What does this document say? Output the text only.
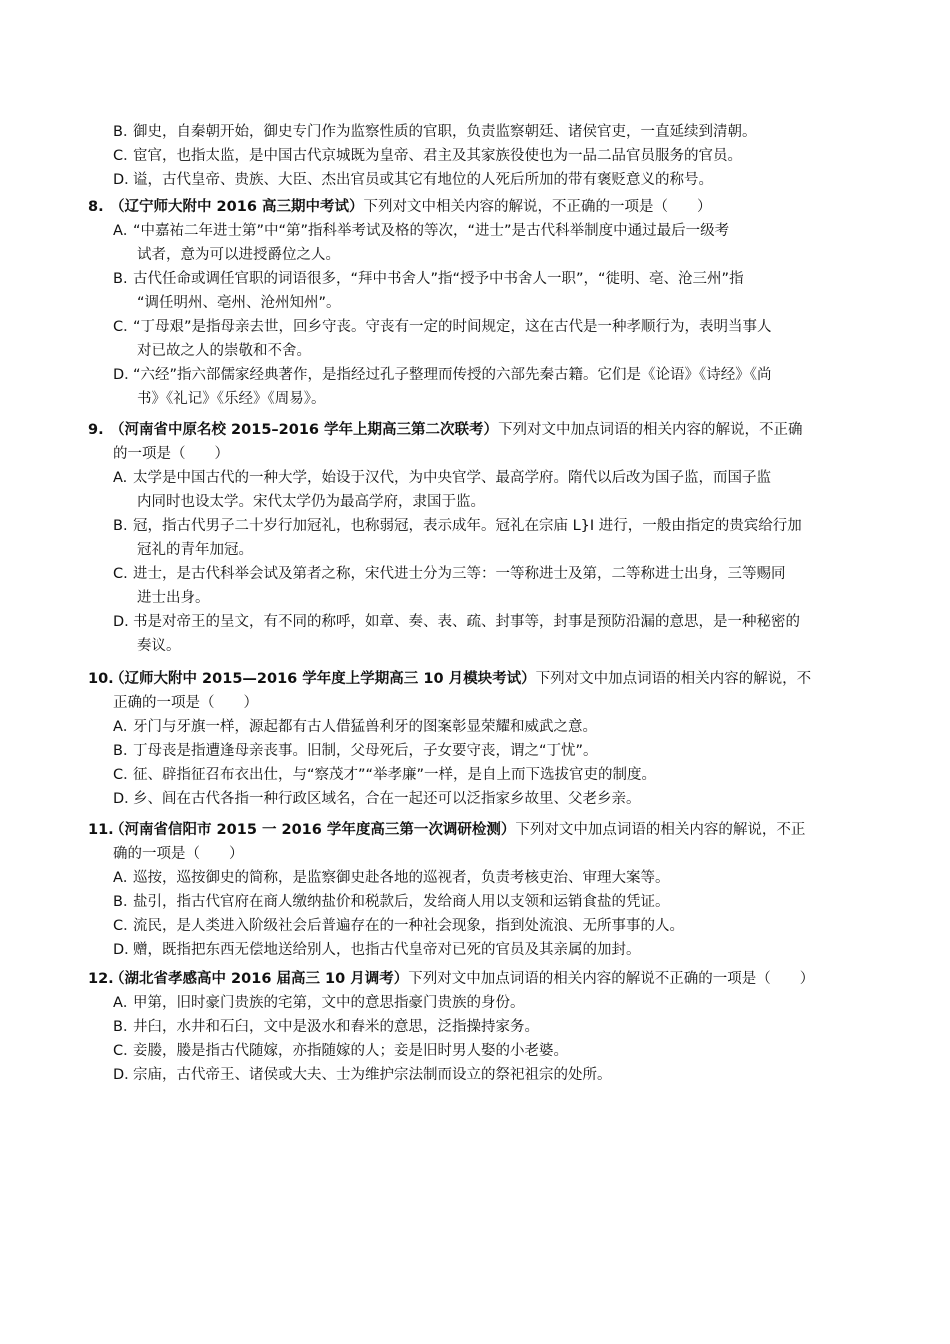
B．御史，自秦朝开始，御史专门作为监察性质的官职，负责监察朝廷、诸侯官吏，一直延续到清朝。
C．宦官，也指太监，是中国古代京城既为皇帝、君主及其家族役使也为一品二品官员服务的官员。
D．谥，古代皇帝、贵族、大臣、杰出官员或其它有地位的人死后所加的带有褒贬意义的称号。
8. （辽宁师大附中 2016 高三期中考试）下列对文中相关内容的解说，不正确的一项是（　　）
A．“中嘉祐二年进士第”中“第”指科举考试及格的等次，“进士”是古代科举制度中通过最后一级考
试者，意为可以进授爵位之人。
B.古代任命或调任官职的词语很多，“拜中书舍人”指“授予中书舍人一职”，“徙明、亳、沧三州”指
“调任明州、亳州、沧州知州”。
C．“丁母艰”是指母亲去世，回乡守丧。守丧有一定的时间规定，这在古代是一种孝顺行为，表明当事人
对已故之人的崇敬和不舍。
D．“六经”指六部儒家经典著作，是指经过孔子整理而传授的六部先秦古籍。它们是《论语》《诗经》《尚
书》《礼记》《乐经》《周易》。
9. （河南省中原名校 2015–2016 学年上期高三第二次联考）下列对文中加点词语的相关内容的解说，不正确
的一项是（　　）
A.太学是中国古代的一种大学，始设于汉代，为中央官学、最高学府。隋代以后改为国子监，而国子监
内同时也设太学。宋代太学仍为最高学府，隶国于监。
B.冠，指古代男子二十岁行加冠礼，也称弱冠，表示成年。冠礼在宗庙 L}I 进行，一般由指定的贵宾给行加
冠礼的青年加冠。
C.进士，是古代科举会试及第者之称，宋代进士分为三等：一等称进士及第，二等称进士出身，三等赐同
进士出身。
D.书是对帝王的呈文，有不同的称呼，如章、奏、表、疏、封事等，封事是预防沿漏的意思，是一种秘密的
奏议。
10.（辽师大附中 2015—2016 学年度上学期高三 10 月模块考试）下列对文中加点词语的相关内容的解说，不
正确的一项是（　　）
A．牙门与牙旗一样，源起都有古人借猛兽利牙的图案彰显荣耀和威武之意。
B．丁母丧是指遭逢母亲丧事。旧制，父母死后，子女要守丧，谓之“丁忧”。
C．征、辟指征召布衣出仕，与“察茂才”“举孝廉”一样，是自上而下选拔官吏的制度。
D．乡、闾在古代各指一种行政区域名，合在一起还可以泛指家乡故里、父老乡亲。
11.（河南省信阳市 2015 一 2016 学年度高三第一次调研检测）下列对文中加点词语的相关内容的解说，不正
确的一项是（　　）
A．巡按，巡按御史的简称，是监察御史赴各地的巡视者，负责考核吏治、审理大案等。
B．盐引，指古代官府在商人缴纳盐价和税款后，发给商人用以支领和运销食盐的凭证。
C．流民，是人类进入阶级社会后普遍存在的一种社会现象，指到处流浪、无所事事的人。
D．赠，既指把东西无偿地送给别人，也指古代皇帝对已死的官员及其亲属的加封。
12.（湖北省孝感高中 2016 届高三 10 月调考）下列对文中加点词语的相关内容的解说不正确的一项是（　　）
A．甲第，旧时豪门贵族的宅第，文中的意思指豪门贵族的身份。
B．井臼，水井和石臼，文中是汲水和舂米的意思，泛指操持家务。
C．妾媵，媵是指古代随嫁，亦指随嫁的人；妾是旧时男人娶的小老婆。
D．宗庙，古代帝王、诸侯或大夫、士为维护宗法制而设立的祭祀祖宗的处所。
